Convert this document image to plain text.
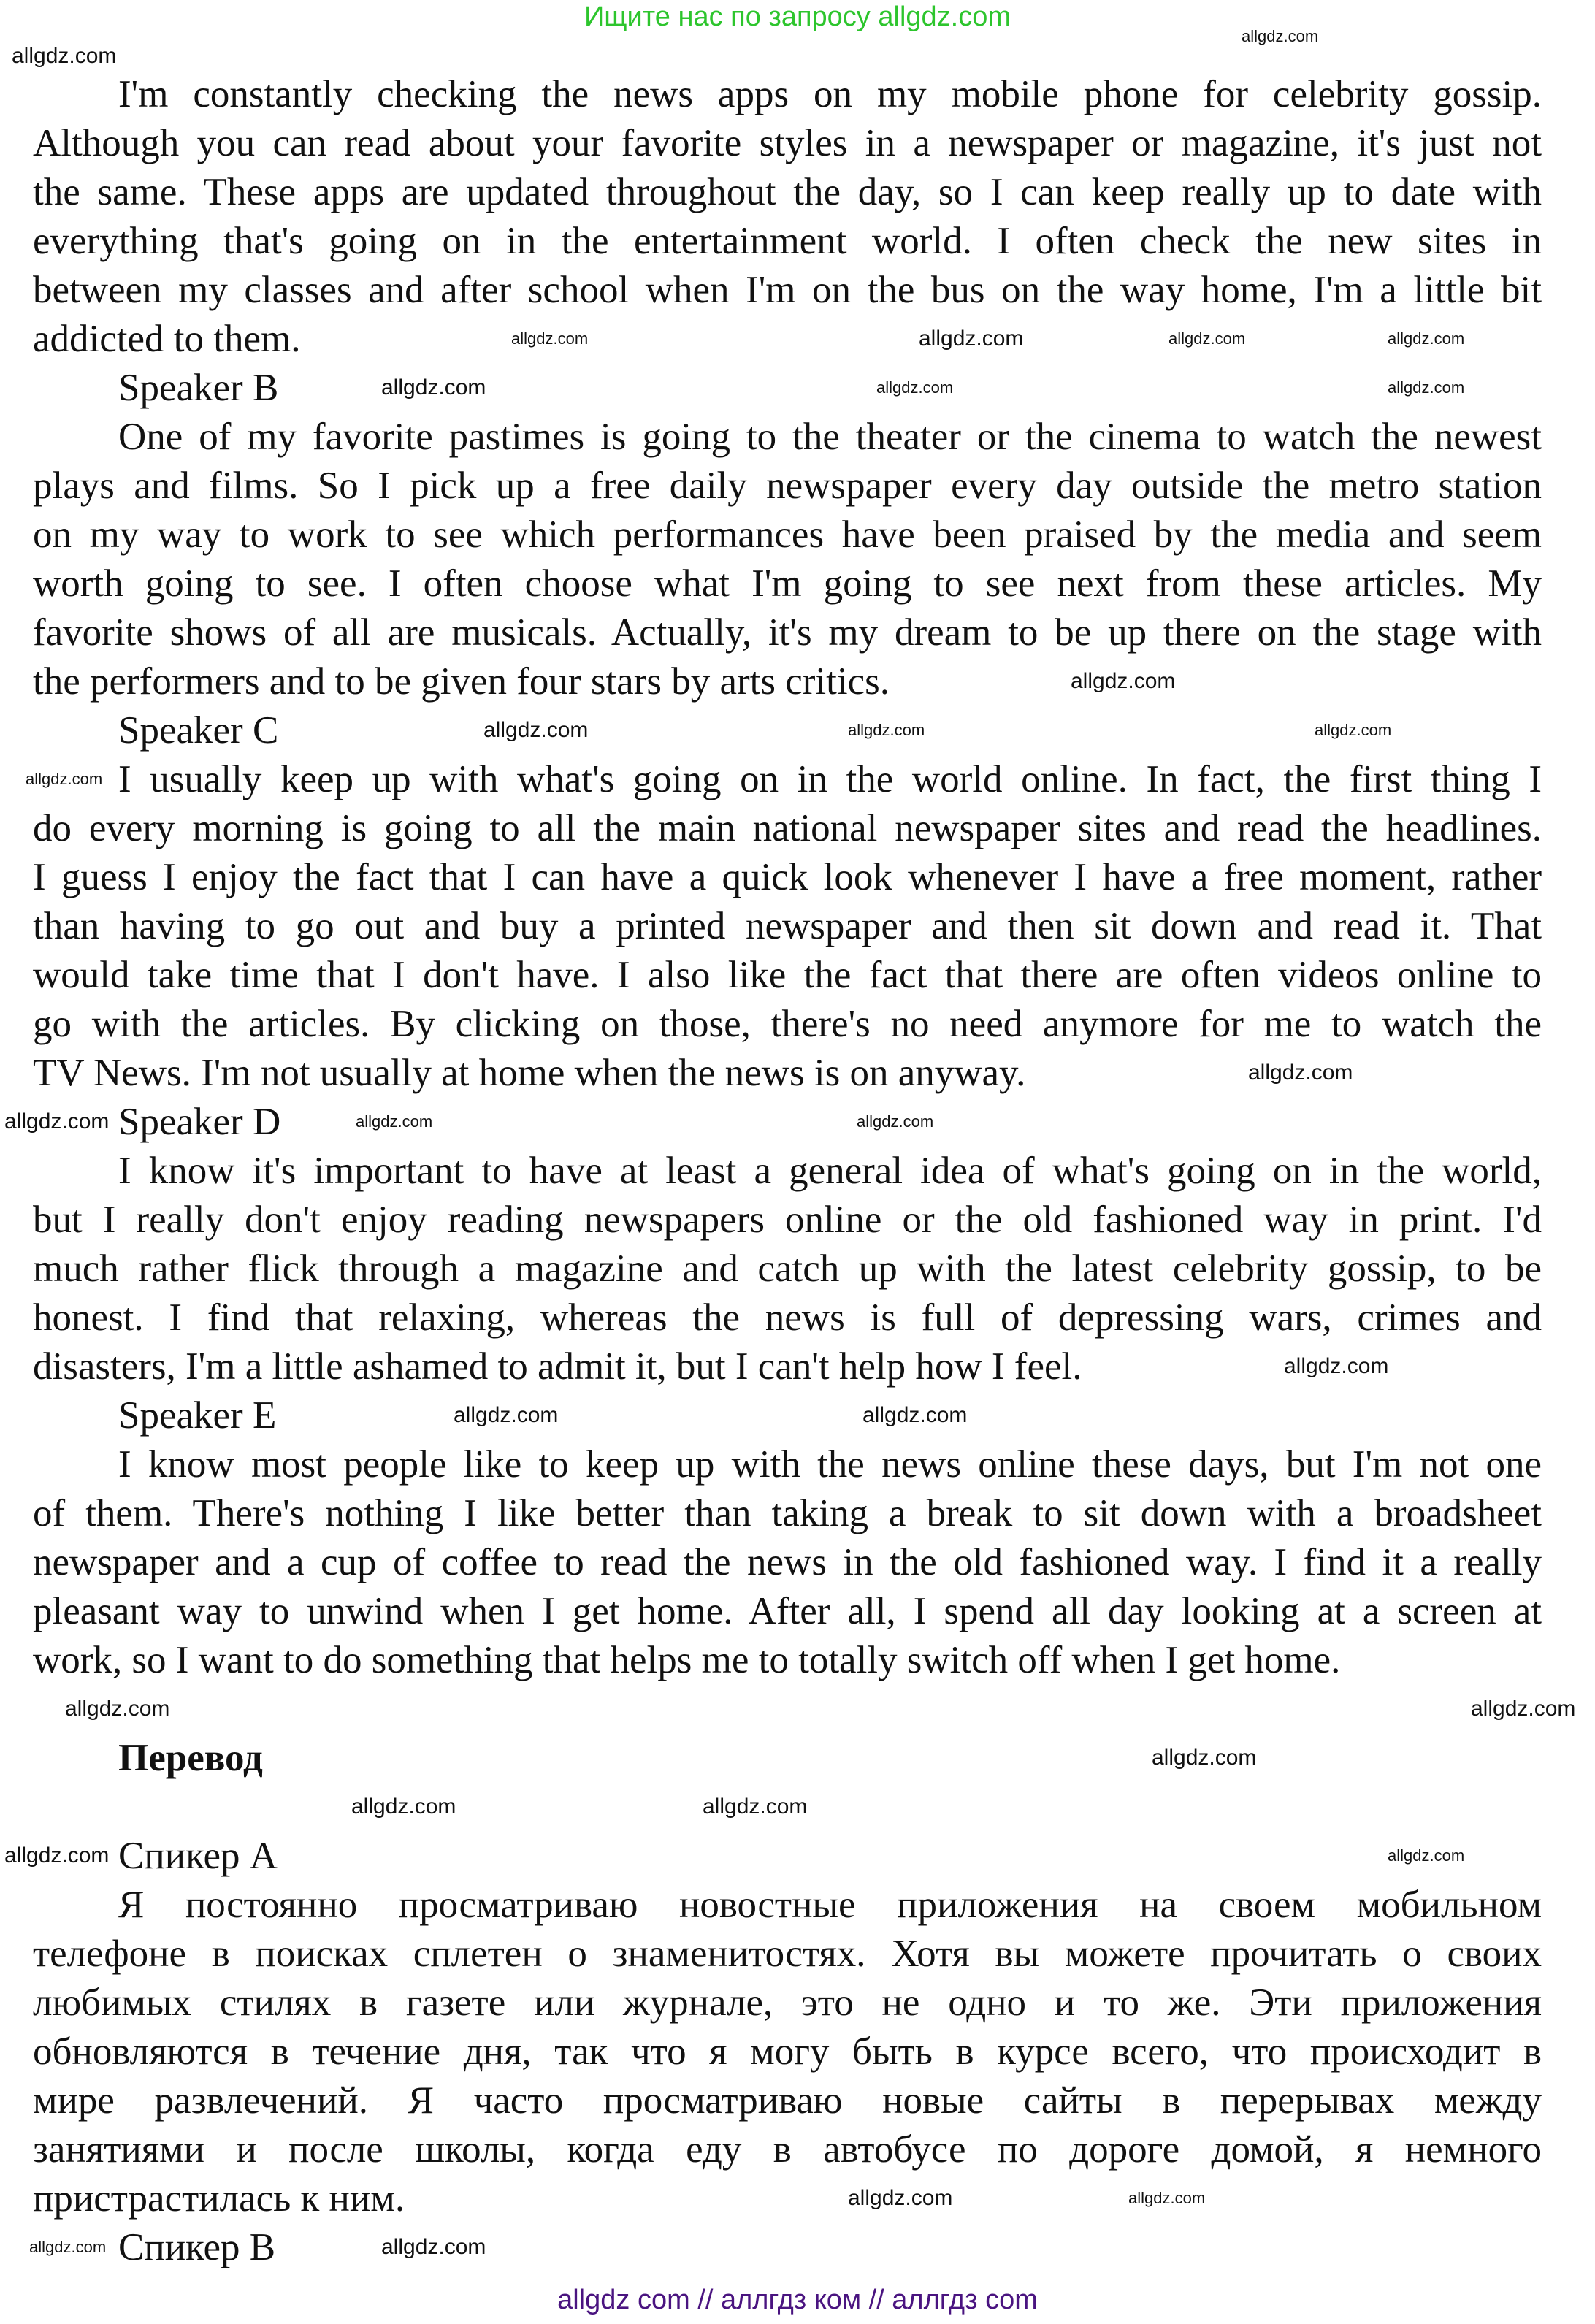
Ищите нас по запросу allgdz.com
I'm constantly checking the news apps on my mobile phone for celebrity gossip.
Although you can read about your favorite styles in a newspaper or magazine, it's just not
the same. These apps are updated throughout the day, so I can keep really up to date with
everything that's going on in the entertainment world. I often check the new sites in
between my classes and after school when I'm on the bus on the way home, I'm a little bit
addicted to them.
Speaker B
One of my favorite pastimes is going to the theater or the cinema to watch the newest
plays and films. So I pick up a free daily newspaper every day outside the metro station
on my way to work to see which performances have been praised by the media and seem
worth going to see. I often choose what I'm going to see next from these articles. My
favorite shows of all are musicals. Actually, it's my dream to be up there on the stage with
the performers and to be given four stars by arts critics.
Speaker C
I usually keep up with what's going on in the world online. In fact, the first thing I
do every morning is going to all the main national newspaper sites and read the headlines.
I guess I enjoy the fact that I can have a quick look whenever I have a free moment, rather
than having to go out and buy a printed newspaper and then sit down and read it. That
would take time that I don't have. I also like the fact that there are often videos online to
go with the articles. By clicking on those, there's no need anymore for me to watch the
TV News. I'm not usually at home when the news is on anyway.
Speaker D
I know it's important to have at least a general idea of what's going on in the world,
but I really don't enjoy reading newspapers online or the old fashioned way in print. I'd
much rather flick through a magazine and catch up with the latest celebrity gossip, to be
honest. I find that relaxing, whereas the news is full of depressing wars, crimes and
disasters, I'm a little ashamed to admit it, but I can't help how I feel.
Speaker E
I know most people like to keep up with the news online these days, but I'm not one
of them. There's nothing I like better than taking a break to sit down with a broadsheet
newspaper and a cup of coffee to read the news in the old fashioned way. I find it a really
pleasant way to unwind when I get home. After all, I spend all day looking at a screen at
work, so I want to do something that helps me to totally switch off when I get home.
Перевод
Спикер А
Я постоянно просматриваю новостные приложения на своем мобильном
телефоне в поисках сплетен о знаменитостях. Хотя вы можете прочитать о своих
любимых стилях в газете или журнале, это не одно и то же. Эти приложения
обновляются в течение дня, так что я могу быть в курсе всего, что происходит в
мире развлечений. Я часто просматриваю новые сайты в перерывах между
занятиями и после школы, когда еду в автобусе по дороге домой, я немного
пристрастилась к ним.
Спикер В
allgdz.com
allgdz.com
allgdz.com	allgdz.com
allgdz.com	allgdz.com
allgdz.com	allgdz.com
allgdz.com
allgdz.com
allgdz.com
allgdz.com
allgdz.com
allgdz.com
allgdz.com
allgdz.com
allgdz.com	allgdz.com
allgdz.com
allgdz.com	allgdz.com
allgdz.com
allgdz.com
allgdz.com
allgdz.com	allgdz.com
allgdz.com	allgdz.com
allgdz.com
allgdz.com
allgdz.com
allgdz.com
allgdz com // аллгдз ком // аллгдз com
